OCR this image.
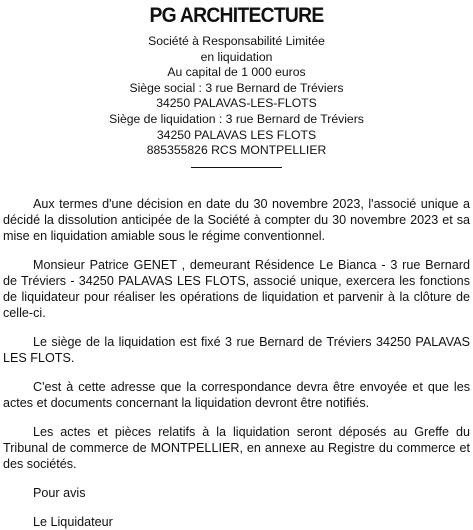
PG ARCHITECTURE
Société à Responsabilité Limitée
en liquidation
Au capital de 1 000 euros
Siège social : 3 rue Bernard de Tréviers
34250 PALAVAS-LES-FLOTS
Siège de liquidation : 3 rue Bernard de Tréviers
34250 PALAVAS LES FLOTS
885355826 RCS MONTPELLIER

Aux termes d'une décision en date du 30 novembre 2023, l'associé unique a décidé la dissolution anticipée de la Société à compter du 30 novembre 2023 et sa mise en liquidation amiable sous le régime conventionnel.

Monsieur Patrice GENET , demeurant Résidence Le Bianca - 3 rue Bernard de Tréviers - 34250 PALAVAS LES FLOTS, associé unique, exercera les fonctions de liquidateur pour réaliser les opérations de liquidation et parvenir à la clôture de celle-ci.

Le siège de la liquidation est fixé 3 rue Bernard de Tréviers 34250 PALAVAS LES FLOTS.

C'est à cette adresse que la correspondance devra être envoyée et que les actes et documents concernant la liquidation devront être notifiés.

Les actes et pièces relatifs à la liquidation seront déposés au Greffe du Tribunal de commerce de MONTPELLIER, en annexe au Registre du commerce et des sociétés.

Pour avis

Le Liquidateur
